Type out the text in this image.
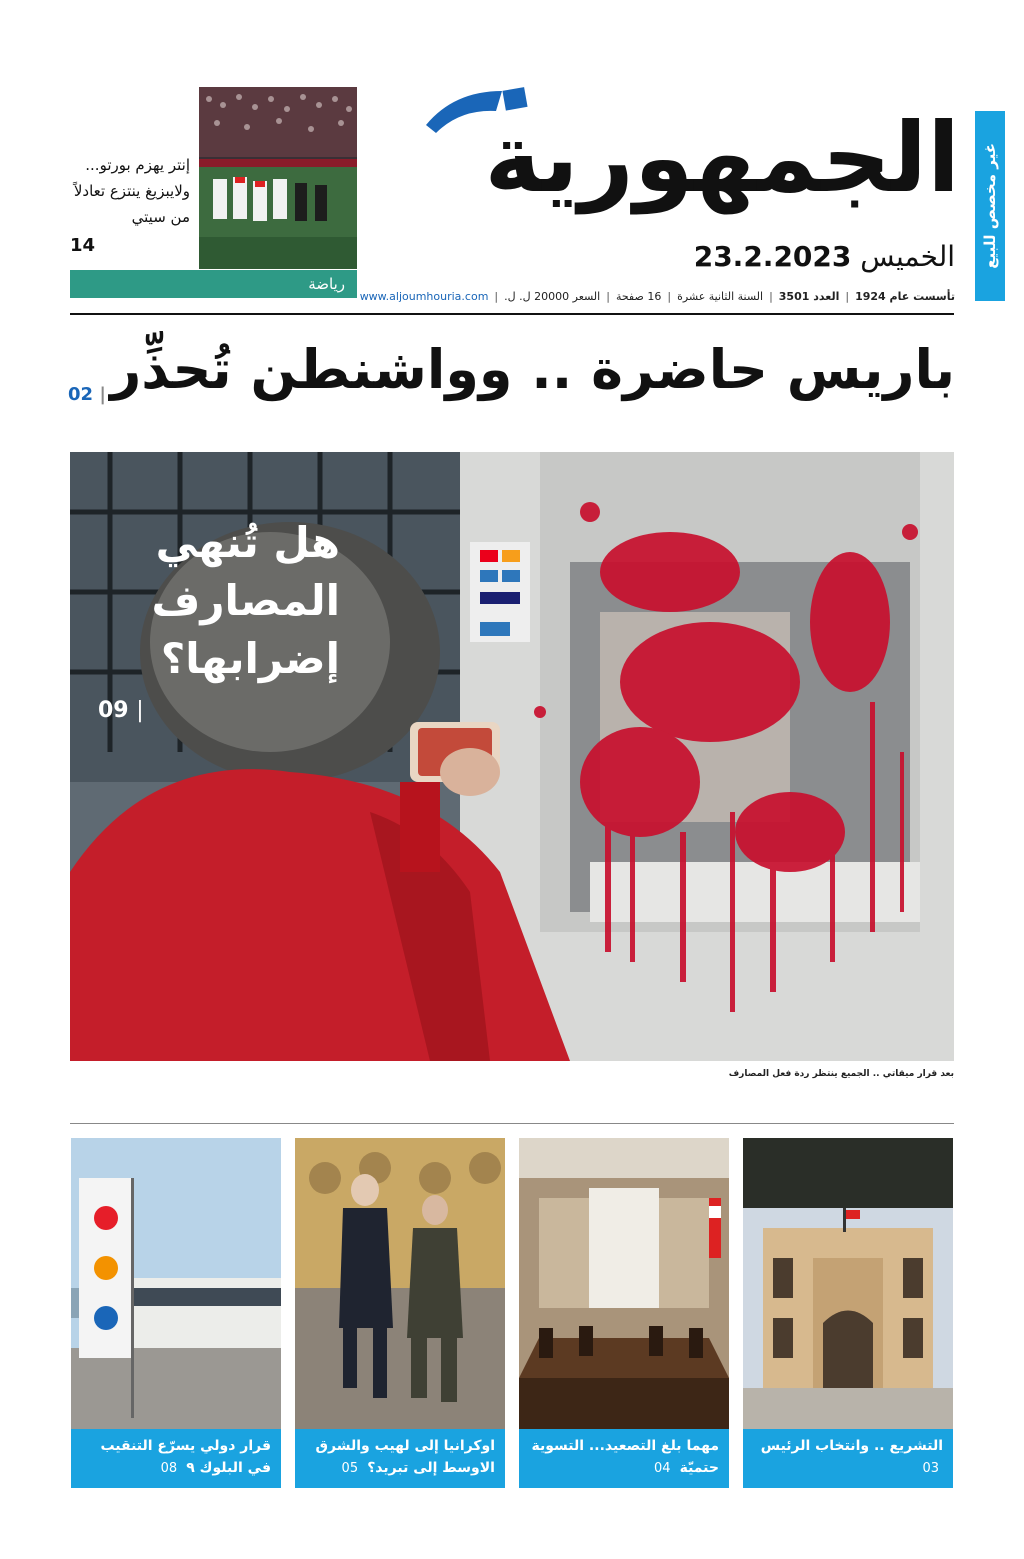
غير مخصص للبيع
الجمهورية
الخميس 23.2.2023
تأسست عام 1924
|
العدد 3501
|
السنة الثانية عشرة
|
16 صفحة
|
السعر 20000 ل. ل.
|
www.aljoumhouria.com
إنتر يهزم بورتو... ولايبزيغ ينتزع تعادلاً من سيتي
14
رياضة
باريس حاضرة .. وواشنطن تُحذِّر
02 |
هل تُنهي المصارف إضرابها؟
09 |
بعد قرار ميقاتي .. الجميع ينتظر ردة فعل المصارف
التشريع .. وانتخاب الرئيس 03
مهما بلغ التصعيد... التسوية حتميّة 04
اوكرانيا إلى لهيب والشرق الاوسط إلى تبريد؟ 05
قرار دولي يسرّع التنقيب في البلوك ٩ 08
